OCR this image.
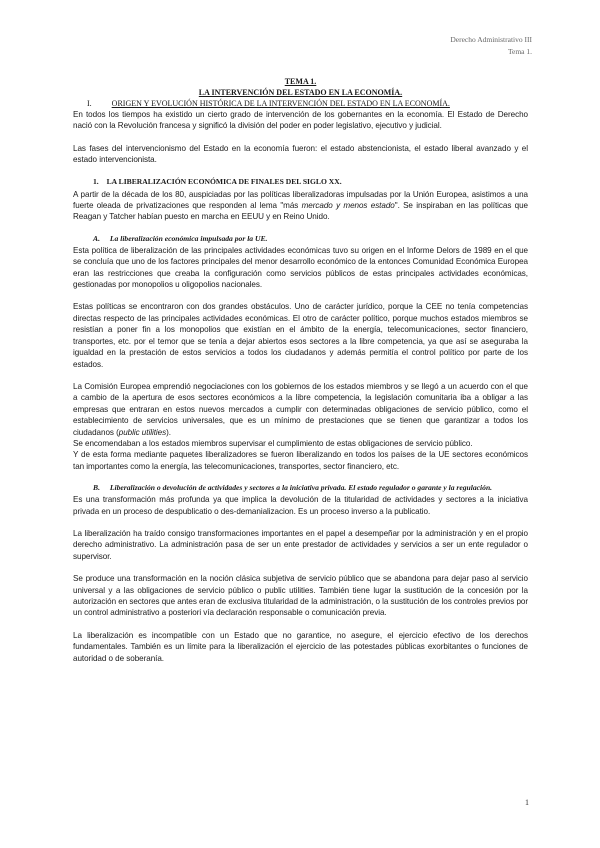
Derecho Administrativo III
Tema 1.
TEMA 1.
LA INTERVENCIÓN DEL ESTADO EN LA ECONOMÍA.
I.	ORIGEN Y EVOLUCIÓN HISTÓRICA DE LA INTERVENCIÓN DEL ESTADO EN LA ECONOMÍA.

En todos los tiempos ha existido un cierto grado de intervención de los gobernantes en la economía. El Estado de Derecho nació con la Revolución francesa y significó la división del poder en poder legislativo, ejecutivo y judicial.

Las fases del intervencionismo del Estado en la economía fueron: el estado abstencionista, el estado liberal avanzado y el estado intervencionista.

1. LA LIBERALIZACIÓN ECONÓMICA DE FINALES DEL SIGLO XX.

A partir de la década de los 80, auspiciadas por las políticas liberalizadoras impulsadas por la Unión Europea, asistimos a una fuerte oleada de privatizaciones que responden al lema "más mercado y menos estado". Se inspiraban en las políticas que Reagan y Tatcher habían puesto en marcha en EEUU y en Reino Unido.

A. La liberalización económica impulsada por la UE.

Esta política de liberalización de las principales actividades económicas tuvo su origen en el Informe Delors de 1989 en el que se concluía que uno de los factores principales del menor desarrollo económico de la entonces Comunidad Económica Europea eran las restricciones que creaba la configuración como servicios públicos de estas principales actividades económicas, gestionadas por monopolios u oligopolios nacionales.

Estas políticas se encontraron con dos grandes obstáculos. Uno de carácter jurídico, porque la CEE no tenía competencias directas respecto de las principales actividades económicas. El otro de carácter político, porque muchos estados miembros se resistían a poner fin a los monopolios que existían en el ámbito de la energía, telecomunicaciones, sector financiero, transportes, etc. por el temor que se tenía a dejar abiertos esos sectores a la libre competencia, ya que así se aseguraba la igualdad en la prestación de estos servicios a todos los ciudadanos y además permitía el control político por parte de los estados.

La Comisión Europea emprendió negociaciones con los gobiernos de los estados miembros y se llegó a un acuerdo con el que a cambio de la apertura de esos sectores económicos a la libre competencia, la legislación comunitaria iba a obligar a las empresas que entraran en estos nuevos mercados a cumplir con determinadas obligaciones de servicio público, como el establecimiento de servicios universales, que es un mínimo de prestaciones que se tienen que garantizar a todos los ciudadanos (public utilities).

Se encomendaban a los estados miembros supervisar el cumplimiento de estas obligaciones de servicio público.

Y de esta forma mediante paquetes liberalizadores se fueron liberalizando en todos los países de la UE sectores económicos tan importantes como la energía, las telecomunicaciones, transportes, sector financiero, etc.

B. Liberalización o devolución de actividades y sectores a la iniciativa privada. El estado regulador o garante y la regulación.

Es una transformación más profunda ya que implica la devolución de la titularidad de actividades y sectores a la iniciativa privada en un proceso de despublicatio o des-demanializacion. Es un proceso inverso a la publicatio.

La liberalización ha traído consigo transformaciones importantes en el papel a desempeñar por la administración y en el propio derecho administrativo. La administración pasa de ser un ente prestador de actividades y servicios a ser un ente regulador o supervisor.

Se produce una transformación en la noción clásica subjetiva de servicio público que se abandona para dejar paso al servicio universal y a las obligaciones de servicio público o public utilities. También tiene lugar la sustitución de la concesión por la autorización en sectores que antes eran de exclusiva titularidad de la administración, o la sustitución de los controles previos por un control administrativo a posteriori vía declaración responsable o comunicación previa.

La liberalización es incompatible con un Estado que no garantice, no asegure, el ejercicio efectivo de los derechos fundamentales. También es un límite para la liberalización el ejercicio de las potestades públicas exorbitantes o funciones de autoridad o de soberanía.

1
